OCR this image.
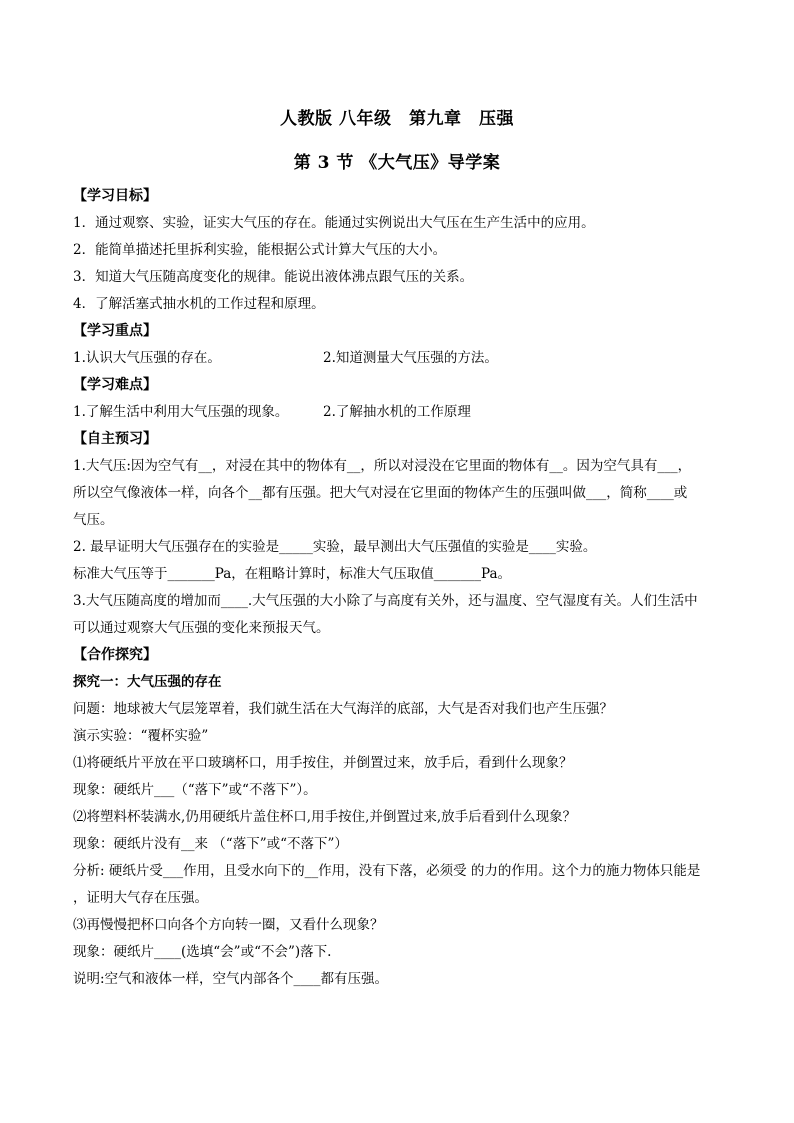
人教版 八年级　第九章　压强
第 3 节 《大气压》导学案
【学习目标】
1．通过观察、实验，证实大气压的存在。能通过实例说出大气压在生产生活中的应用。
2．能简单描述托里拆利实验，能根据公式计算大气压的大小。
3．知道大气压随高度变化的规律。能说出液体沸点跟气压的关系。
4．了解活塞式抽水机的工作过程和原理。
【学习重点】
1.认识大气压强的存在。	2.知道测量大气压强的方法。
【学习难点】
1.了解生活中利用大气压强的现象。	2.了解抽水机的工作原理
【自主预习】
1.大气压:因为空气有__，对浸在其中的物体有__，所以对浸没在它里面的物体有__。因为空气具有___，
所以空气像液体一样，向各个__都有压强。把大气对浸在它里面的物体产生的压强叫做___，简称____或
气压。
2. 最早证明大气压强存在的实验是_____实验，最早测出大气压强值的实验是____实验。
标准大气压等于_______Pa，在粗略计算时，标准大气压取值_______Pa。
3.大气压随高度的增加而____.大气压强的大小除了与高度有关外，还与温度、空气湿度有关。人们生活中
可以通过观察大气压强的变化来预报天气。
【合作探究】
探究一：大气压强的存在
问题：地球被大气层笼罩着，我们就生活在大气海洋的底部，大气是否对我们也产生压强？
演示实验：“覆杯实验”
⑴将硬纸片平放在平口玻璃杯口，用手按住，并倒置过来，放手后，看到什么现象？
现象：硬纸片___（“落下”或“不落下”）。
⑵将塑料杯装满水,仍用硬纸片盖住杯口,用手按住,并倒置过来,放手后看到什么现象？
现象：硬纸片没有__来 （“落下”或“不落下”）
分析: 硬纸片受___作用，且受水向下的__作用，没有下落，必须受 的力的作用。这个力的施力物体只能是
，证明大气存在压强。
⑶再慢慢把杯口向各个方向转一圈，又看什么现象？
现象：硬纸片____(选填“会”或“不会”)落下.
说明:空气和液体一样，空气内部各个____都有压强。
